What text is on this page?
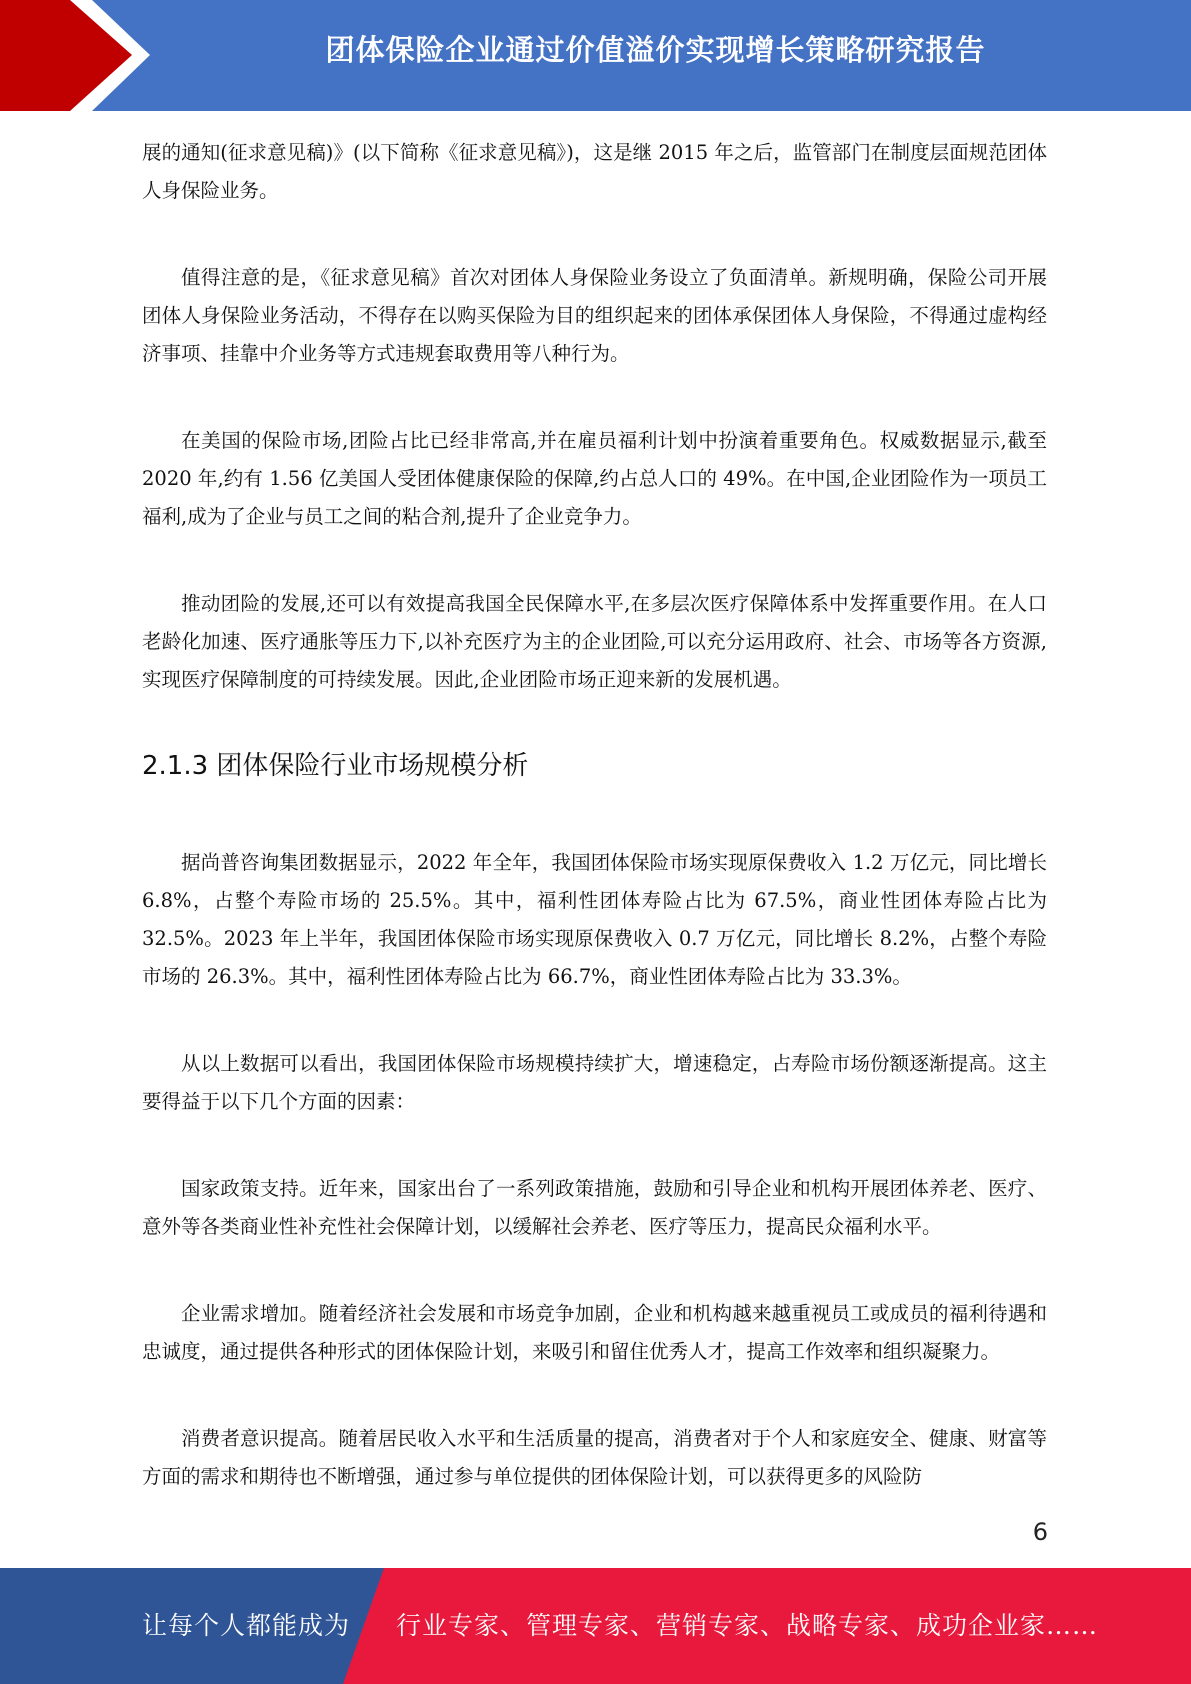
团体保险企业通过价值溢价实现增长策略研究报告

展的通知(征求意见稿)》(以下简称《征求意见稿》)，这是继 2015 年之后，监管部门在制度层面规范团体人身保险业务。

值得注意的是，《征求意见稿》首次对团体人身保险业务设立了负面清单。新规明确，保险公司开展团体人身保险业务活动，不得存在以购买保险为目的组织起来的团体承保团体人身保险，不得通过虚构经济事项、挂靠中介业务等方式违规套取费用等八种行为。

在美国的保险市场,团险占比已经非常高,并在雇员福利计划中扮演着重要角色。权威数据显示,截至 2020 年,约有 1.56 亿美国人受团体健康保险的保障,约占总人口的 49%。在中国,企业团险作为一项员工福利,成为了企业与员工之间的粘合剂,提升了企业竞争力。

推动团险的发展,还可以有效提高我国全民保障水平,在多层次医疗保障体系中发挥重要作用。在人口老龄化加速、医疗通胀等压力下,以补充医疗为主的企业团险,可以充分运用政府、社会、市场等各方资源,实现医疗保障制度的可持续发展。因此,企业团险市场正迎来新的发展机遇。

2.1.3 团体保险行业市场规模分析

据尚普咨询集团数据显示，2022 年全年，我国团体保险市场实现原保费收入 1.2 万亿元，同比增长 6.8%，占整个寿险市场的 25.5%。其中，福利性团体寿险占比为 67.5%，商业性团体寿险占比为 32.5%。2023 年上半年，我国团体保险市场实现原保费收入 0.7 万亿元，同比增长 8.2%，占整个寿险市场的 26.3%。其中，福利性团体寿险占比为 66.7%，商业性团体寿险占比为 33.3%。

从以上数据可以看出，我国团体保险市场规模持续扩大，增速稳定，占寿险市场份额逐渐提高。这主要得益于以下几个方面的因素：

国家政策支持。近年来，国家出台了一系列政策措施，鼓励和引导企业和机构开展团体养老、医疗、意外等各类商业性补充性社会保障计划，以缓解社会养老、医疗等压力，提高民众福利水平。

企业需求增加。随着经济社会发展和市场竞争加剧，企业和机构越来越重视员工或成员的福利待遇和忠诚度，通过提供各种形式的团体保险计划，来吸引和留住优秀人才，提高工作效率和组织凝聚力。

消费者意识提高。随着居民收入水平和生活质量的提高，消费者对于个人和家庭安全、健康、财富等方面的需求和期待也不断增强，通过参与单位提供的团体保险计划，可以获得更多的风险防

6
让每个人都能成为 行业专家、管理专家、营销专家、战略专家、成功企业家……
